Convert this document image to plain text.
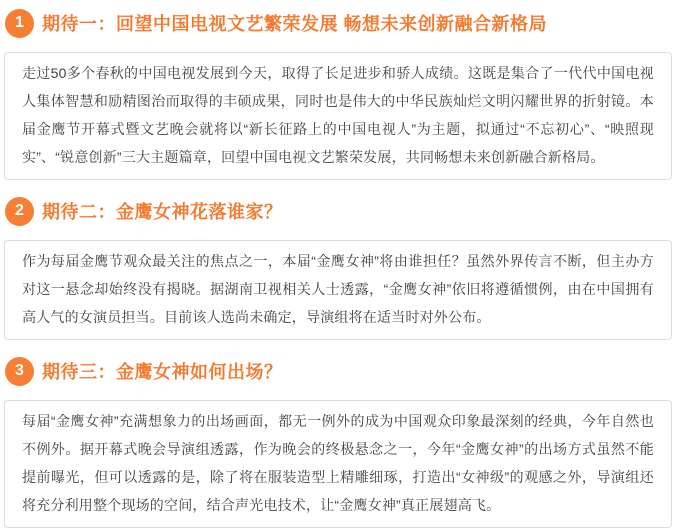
1	期待一：回望中国电视文艺繁荣发展 畅想未来创新融合新格局

走过50多个春秋的中国电视发展到今天，取得了长足进步和骄人成绩。这既是集合了一代代中国电视人集体智慧和励精图治而取得的丰硕成果，同时也是伟大的中华民族灿烂文明闪耀世界的折射镜。本届金鹰节开幕式暨文艺晚会就将以“新长征路上的中国电视人”为主题，拟通过“不忘初心”、“映照现实”、“锐意创新”三大主题篇章，回望中国电视文艺繁荣发展，共同畅想未来创新融合新格局。

2	期待二：金鹰女神花落谁家？

作为每届金鹰节观众最关注的焦点之一，本届“金鹰女神”将由谁担任？虽然外界传言不断，但主办方对这一悬念却始终没有揭晓。据湖南卫视相关人士透露，“金鹰女神”依旧将遵循惯例，由在中国拥有高人气的女演员担当。目前该人选尚未确定，导演组将在适当时对外公布。

3	期待三：金鹰女神如何出场？

每届“金鹰女神”充满想象力的出场画面，都无一例外的成为中国观众印象最深刻的经典，今年自然也不例外。据开幕式晚会导演组透露，作为晚会的终极悬念之一，今年“金鹰女神”的出场方式虽然不能提前曝光，但可以透露的是，除了将在服装造型上精雕细琢，打造出“女神级”的观感之外，导演组还将充分利用整个现场的空间，结合声光电技术，让“金鹰女神”真正展翅高飞。
